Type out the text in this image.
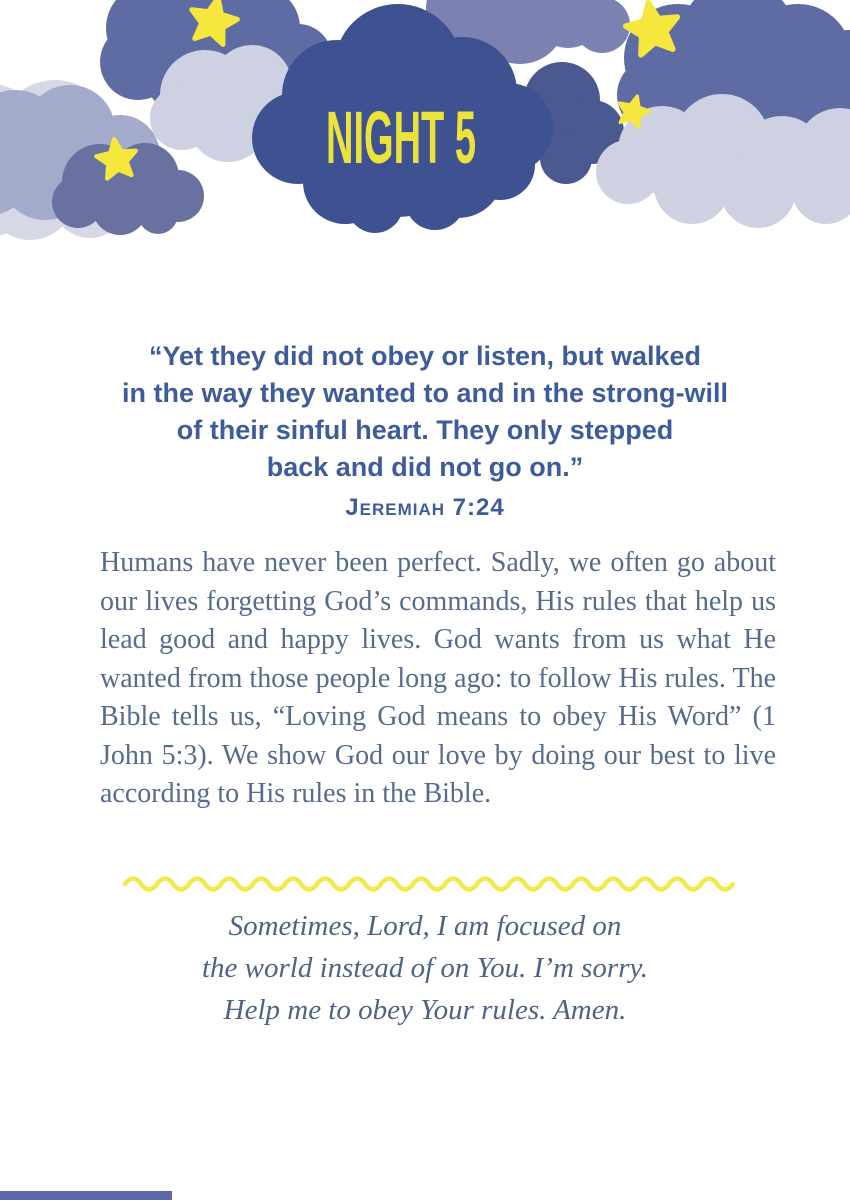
NIGHT 5
“Yet they did not obey or listen, but walked
in the way they wanted to and in the strong-will
of their sinful heart. They only stepped
back and did not go on.”
Jeremiah 7:24
Humans have never been perfect. Sadly, we often go about our lives forgetting God’s commands, His rules that help us lead good and happy lives. God wants from us what He wanted from those people long ago: to follow His rules. The Bible tells us, “Loving God means to obey His Word” (1 John 5:3). We show God our love by doing our best to live according to His rules in the Bible.
Sometimes, Lord, I am focused on
the world instead of on You. I’m sorry.
Help me to obey Your rules. Amen.
